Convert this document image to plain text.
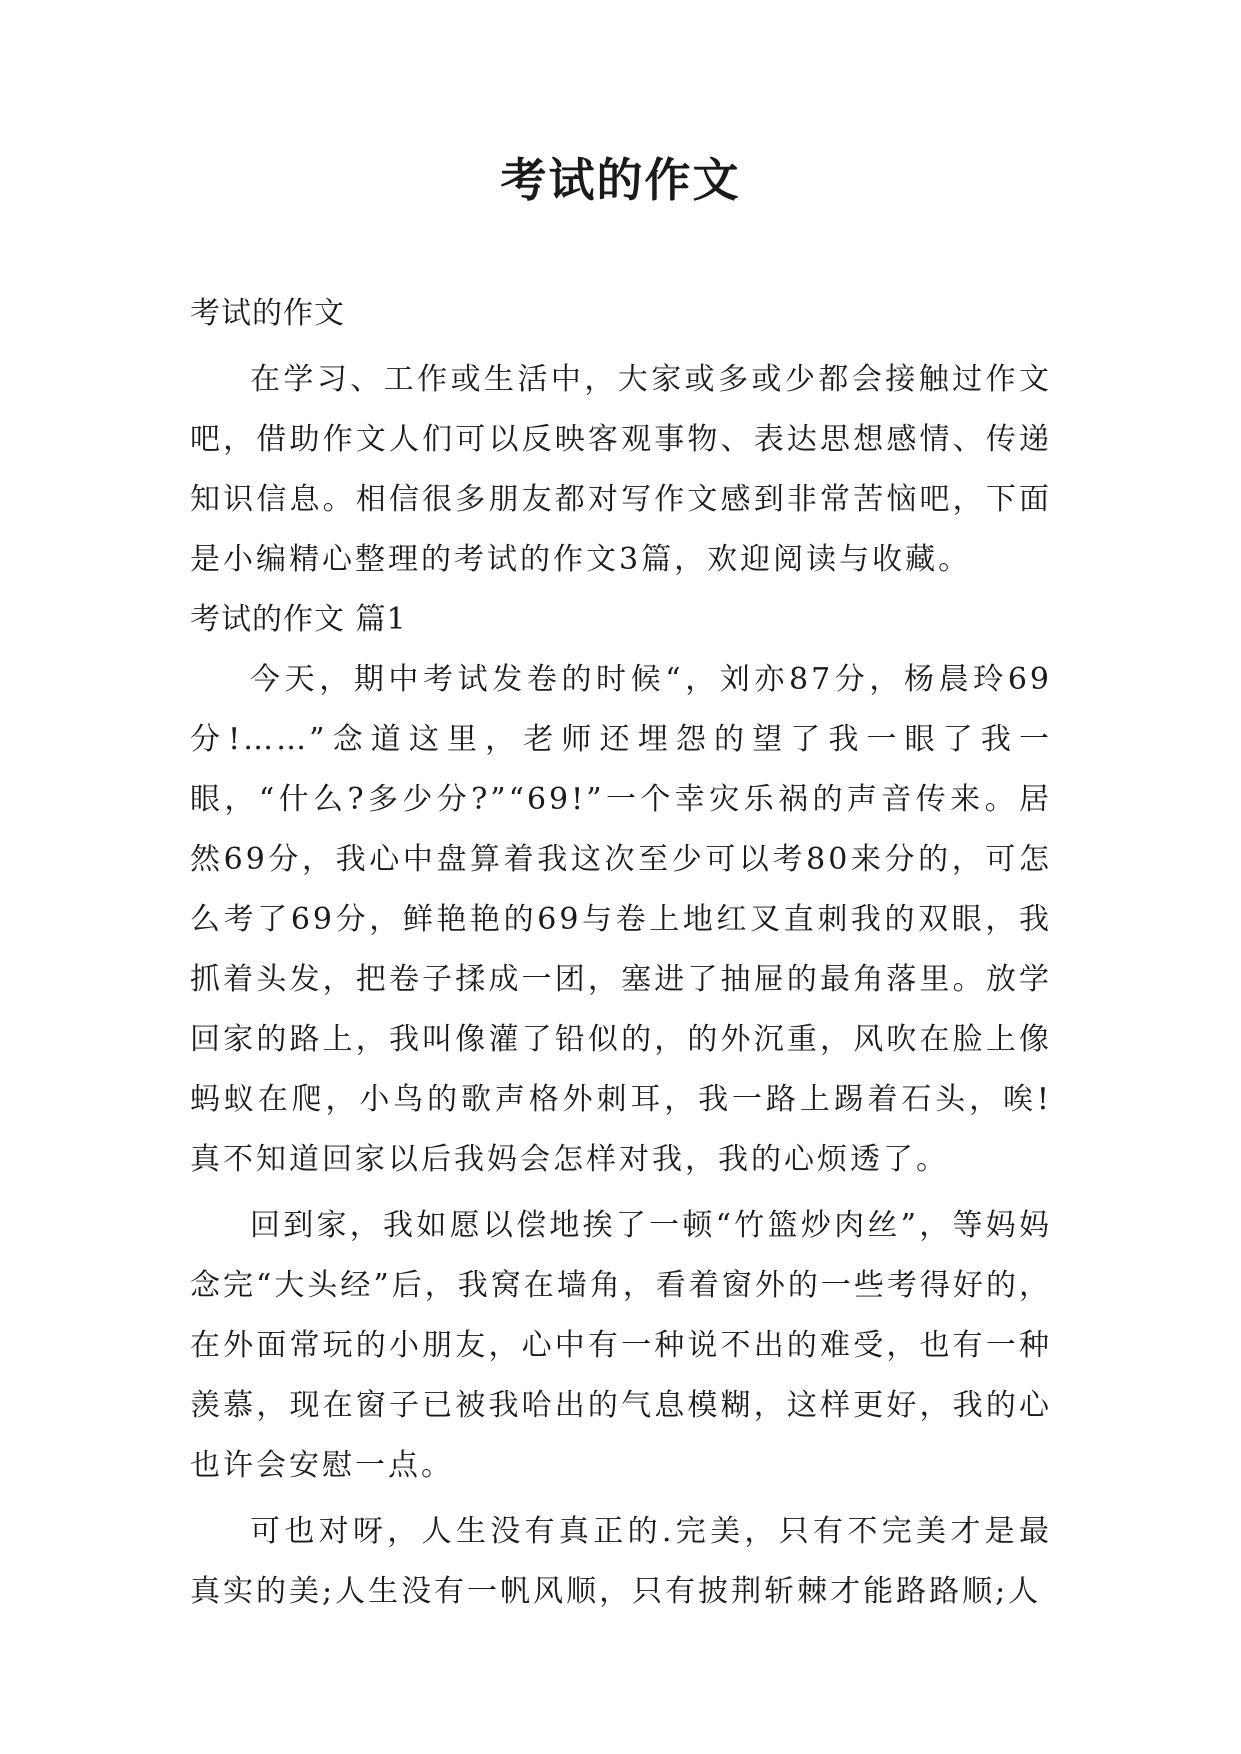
考试的作文

考试的作文

在学习、工作或生活中，大家或多或少都会接触过作文吧，借助作文人们可以反映客观事物、表达思想感情、传递知识信息。相信很多朋友都对写作文感到非常苦恼吧，下面是小编精心整理的考试的作文3篇，欢迎阅读与收藏。

考试的作文 篇1

今天，期中考试发卷的时候“，刘亦87分，杨晨玲69分!……”念道这里，老师还埋怨的望了我一眼了我一眼，“什么?多少分?”“69!”一个幸灾乐祸的声音传来。居然69分，我心中盘算着我这次至少可以考80来分的，可怎么考了69分，鲜艳艳的69与卷上地红叉直刺我的双眼，我抓着头发，把卷子揉成一团，塞进了抽屉的最角落里。放学回家的路上，我叫像灌了铅似的，的外沉重，风吹在脸上像蚂蚁在爬，小鸟的歌声格外刺耳，我一路上踢着石头，唉!真不知道回家以后我妈会怎样对我，我的心烦透了。

回到家，我如愿以偿地挨了一顿“竹篮炒肉丝”，等妈妈念完“大头经”后，我窝在墙角，看着窗外的一些考得好的，在外面常玩的小朋友，心中有一种说不出的难受，也有一种羡慕，现在窗子已被我哈出的气息模糊，这样更好，我的心也许会安慰一点。

可也对呀，人生没有真正的.完美，只有不完美才是最真实的美;人生没有一帆风顺，只有披荆斩棘才能路路顺;人
